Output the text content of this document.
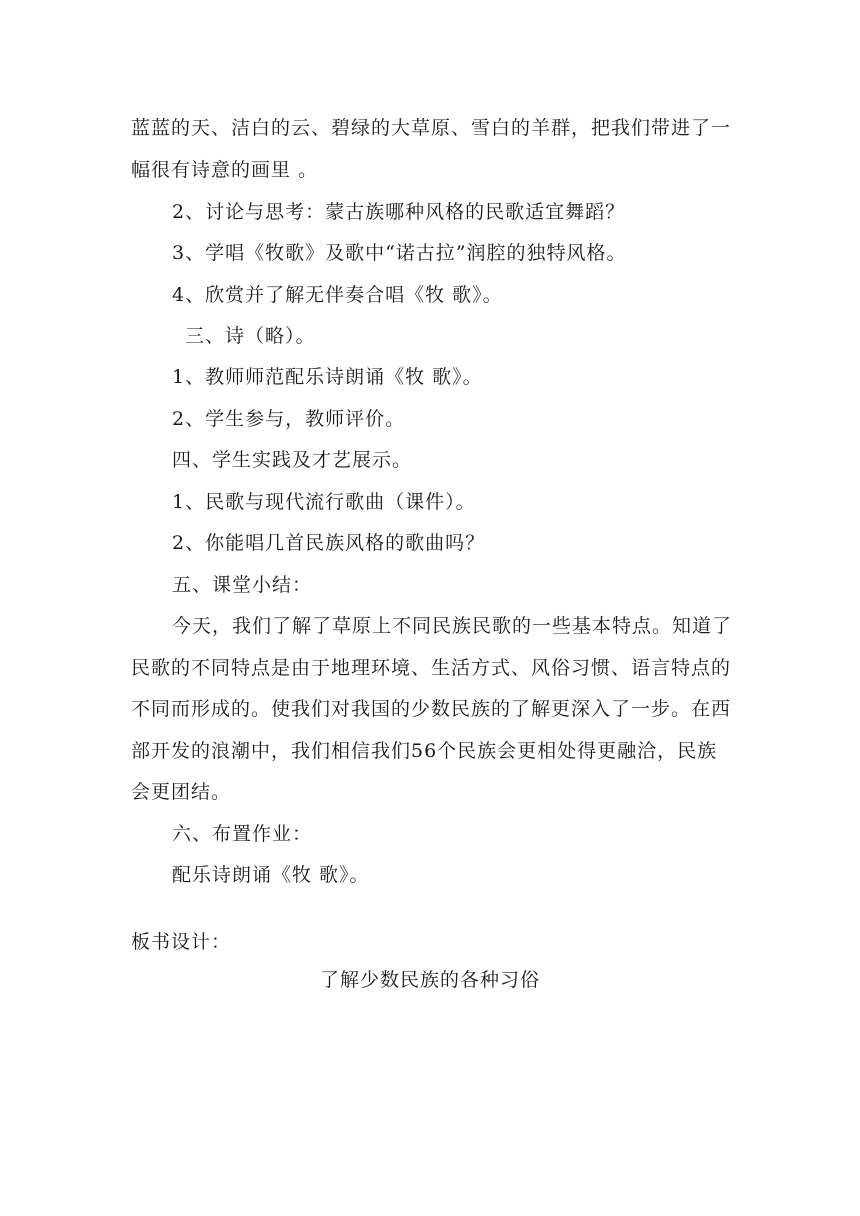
蓝蓝的天、洁白的云、碧绿的大草原、雪白的羊群，把我们带进了一
幅很有诗意的画里 。
2、讨论与思考：蒙古族哪种风格的民歌适宜舞蹈？
3、学唱《牧歌》及歌中“诺古拉”润腔的独特风格。
4、欣赏并了解无伴奏合唱《牧 歌》。
三、诗（略）。
1、教师师范配乐诗朗诵《牧 歌》。
2、学生参与，教师评价。
四、学生实践及才艺展示。
1、民歌与现代流行歌曲（课件）。
2、你能唱几首民族风格的歌曲吗？
五、课堂小结：
今天，我们了解了草原上不同民族民歌的一些基本特点。知道了
民歌的不同特点是由于地理环境、生活方式、风俗习惯、语言特点的
不同而形成的。使我们对我国的少数民族的了解更深入了一步。在西
部开发的浪潮中，我们相信我们56个民族会更相处得更融洽，民族
会更团结。
六、布置作业：
配乐诗朗诵《牧 歌》。
板书设计：
了解少数民族的各种习俗
